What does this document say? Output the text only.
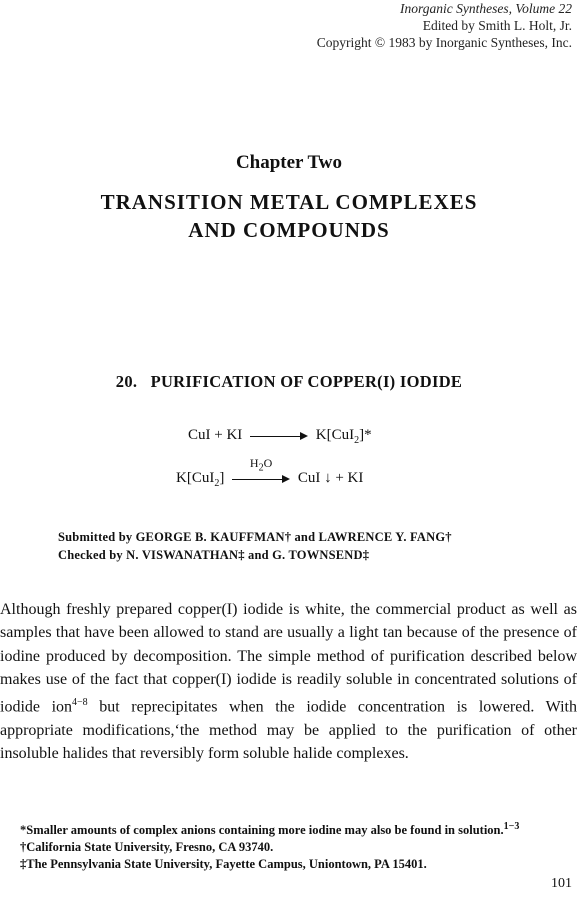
Inorganic Syntheses, Volume 22
Edited by Smith L. Holt, Jr.
Copyright © 1983 by Inorganic Syntheses, Inc.
Chapter Two
TRANSITION METAL COMPLEXES
AND COMPOUNDS
20.   PURIFICATION OF COPPER(I) IODIDE
CuI + KI	K[CuI$_2$]*
K[CuI$_2$]
$H_2O$
CuI ↓ + KI
Submitted by GEORGE B. KAUFFMAN† and LAWRENCE Y. FANG†
Checked by N. VISWANATHAN‡ and G. TOWNSEND‡

Although freshly prepared copper(I) iodide is white, the commercial product as well as samples that have been allowed to stand are usually a light tan because of the presence of iodine produced by decomposition. The simple method of purification described below makes use of the fact that copper(I) iodide is readily soluble in concentrated solutions of iodide ion$^{4-8}$ but reprecipitates when the iodide concentration is lowered. With appropriate modifications,‘the method may be applied to the purification of other insoluble halides that reversibly form soluble halide complexes.

*Smaller amounts of complex anions containing more iodine may also be found in solution.$^{1-3}$

†California State University, Fresno, CA 93740.

‡The Pennsylvania State University, Fayette Campus, Uniontown, PA 15401.

101
